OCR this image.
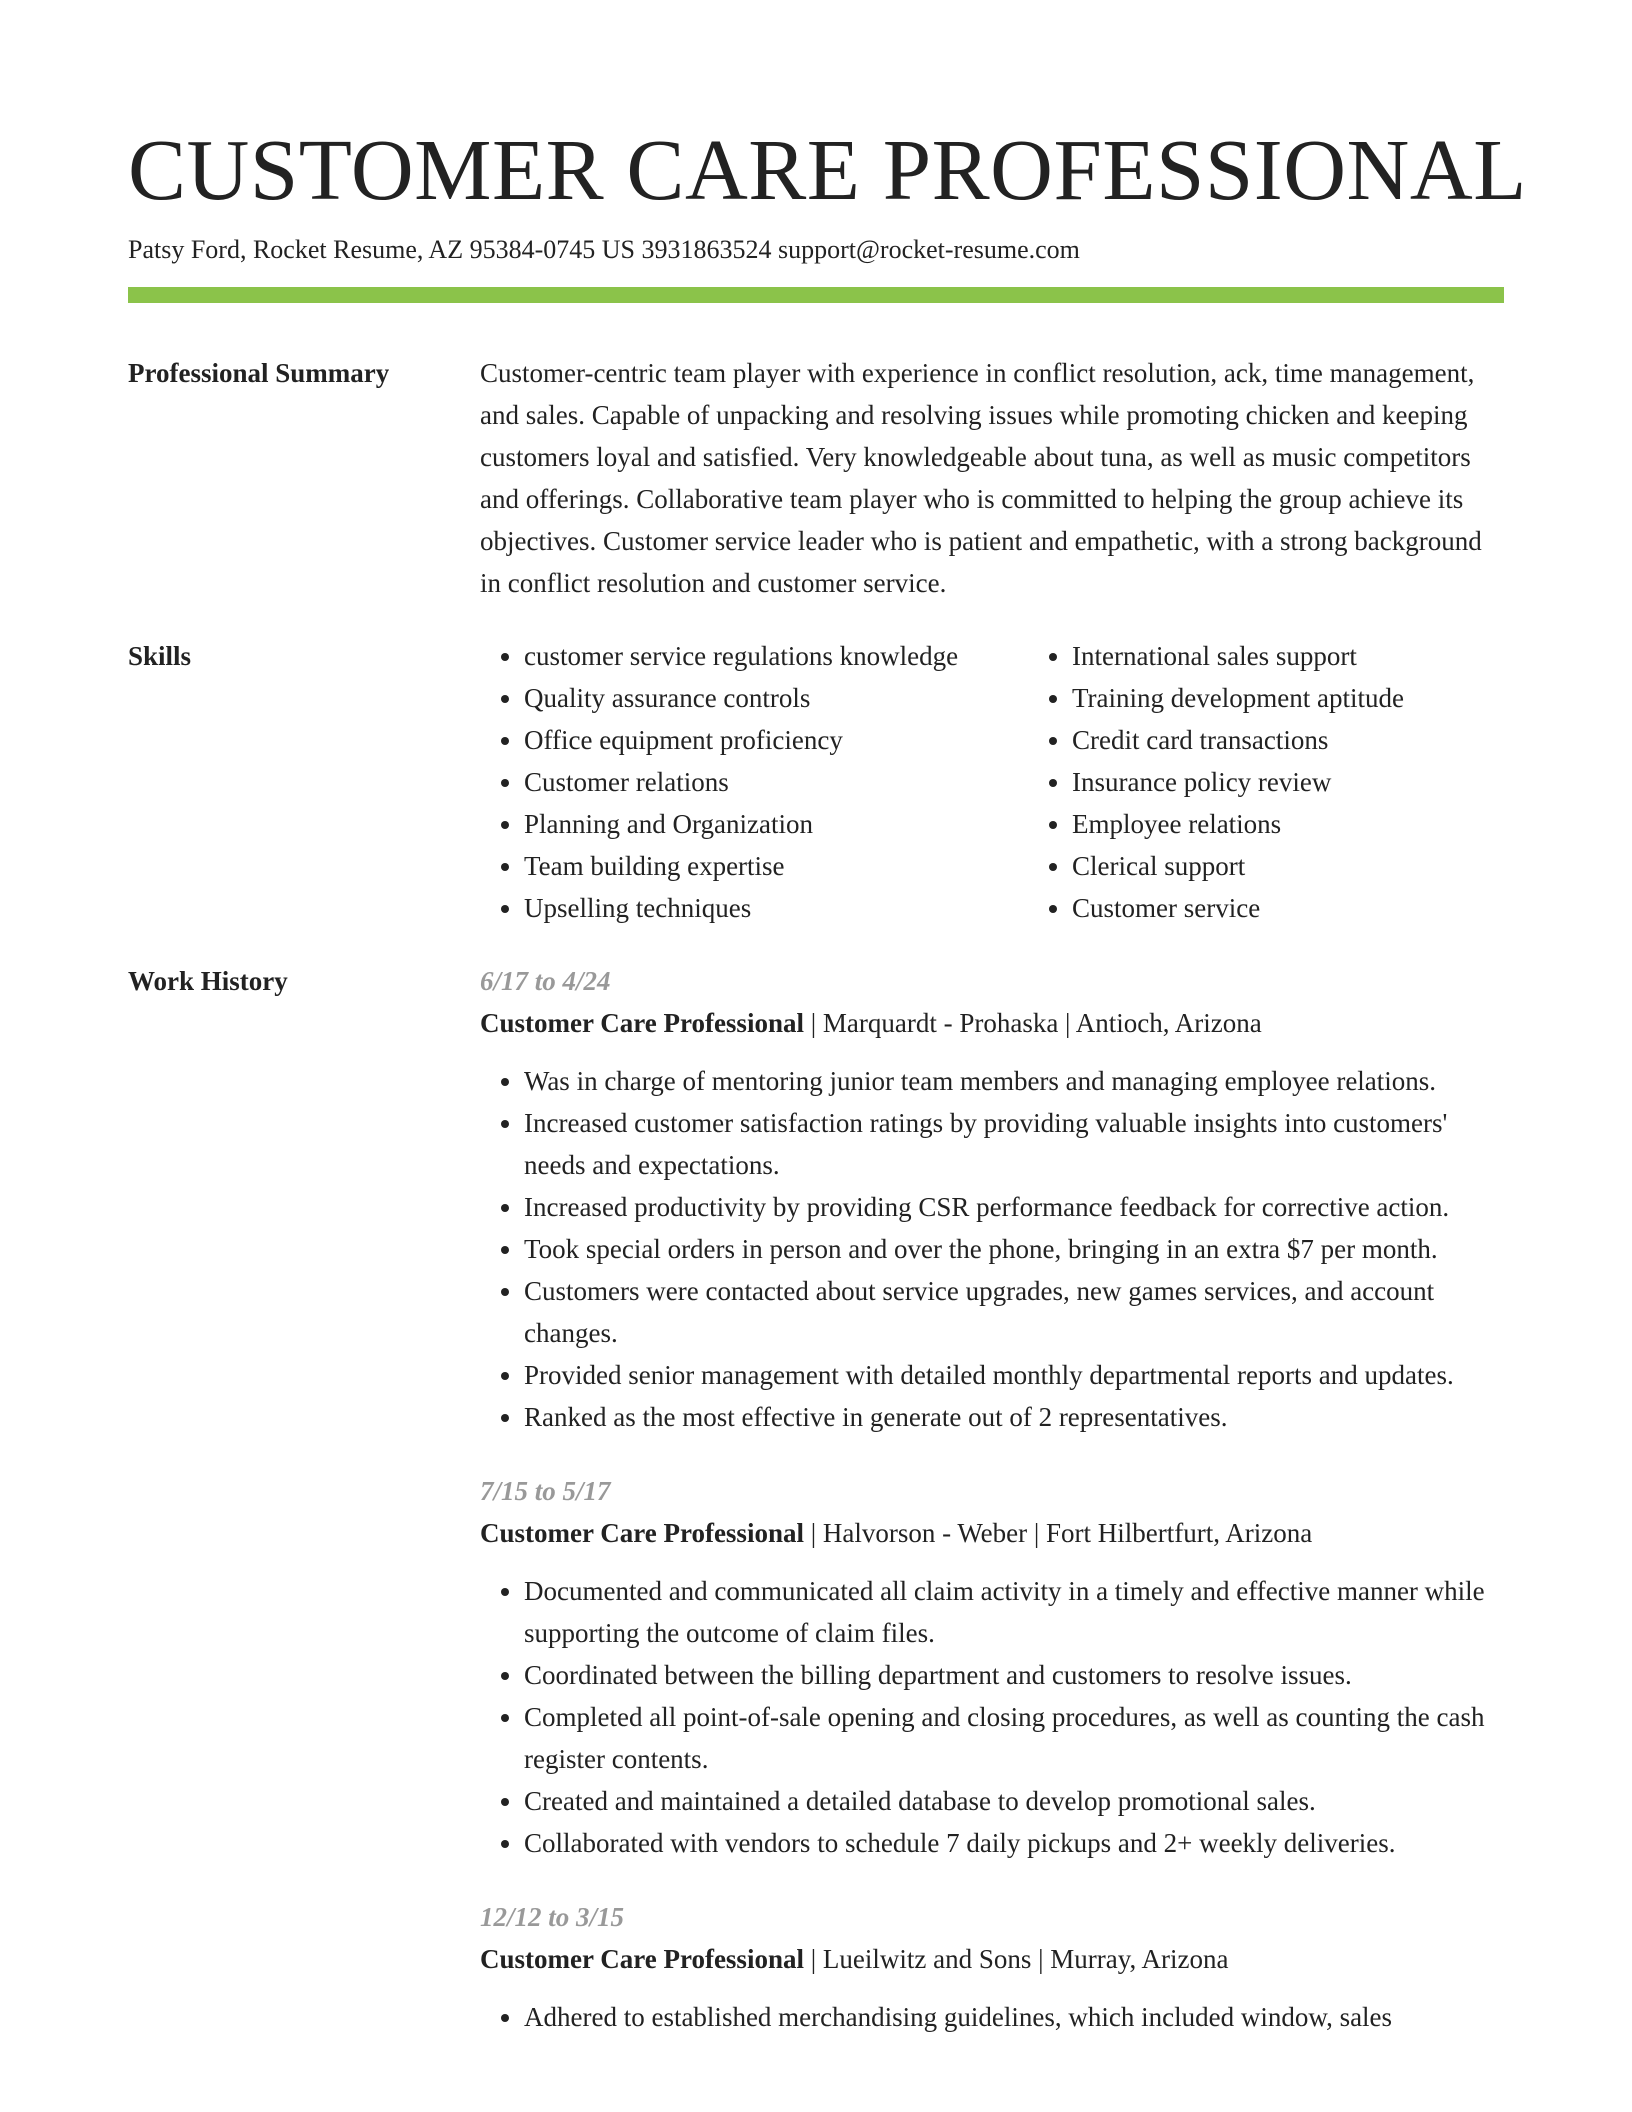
CUSTOMER CARE PROFESSIONAL
Patsy Ford, Rocket Resume, AZ 95384-0745 US 3931863524 support@rocket-resume.com
Professional Summary	Customer-centric team player with experience in conflict resolution, ack, time management, and sales. Capable of unpacking and resolving issues while promoting chicken and keeping customers loyal and satisfied. Very knowledgeable about tuna, as well as music competitors and offerings. Collaborative team player who is committed to helping the group achieve its objectives. Customer service leader who is patient and empathetic, with a strong background in conflict resolution and customer service.

Skills
•	customer service regulations knowledge
• Quality assurance controls
• Office equipment proficiency
• Customer relations
• Planning and Organization
• Team building expertise
• Upselling techniques
• International sales support
• Training development aptitude
• Credit card transactions
• Insurance policy review
• Employee relations
• Clerical support
• Customer service
Work History	6/17 to 4/24
Customer Care Professional | Marquardt - Prohaska | Antioch, Arizona
• Was in charge of mentoring junior team members and managing employee relations.
• Increased customer satisfaction ratings by providing valuable insights into customers' needs and expectations.
• Increased productivity by providing CSR performance feedback for corrective action.
• Took special orders in person and over the phone, bringing in an extra $7 per month.
• Customers were contacted about service upgrades, new games services, and account changes.
• Provided senior management with detailed monthly departmental reports and updates.
• Ranked as the most effective in generate out of 2 representatives.
7/15 to 5/17
Customer Care Professional | Halvorson - Weber | Fort Hilbertfurt, Arizona
• Documented and communicated all claim activity in a timely and effective manner while supporting the outcome of claim files.
• Coordinated between the billing department and customers to resolve issues.
• Completed all point-of-sale opening and closing procedures, as well as counting the cash register contents.
• Created and maintained a detailed database to develop promotional sales.
• Collaborated with vendors to schedule 7 daily pickups and 2+ weekly deliveries.
12/12 to 3/15
Customer Care Professional | Lueilwitz and Sons | Murray, Arizona
• Adhered to established merchandising guidelines, which included window, sales
